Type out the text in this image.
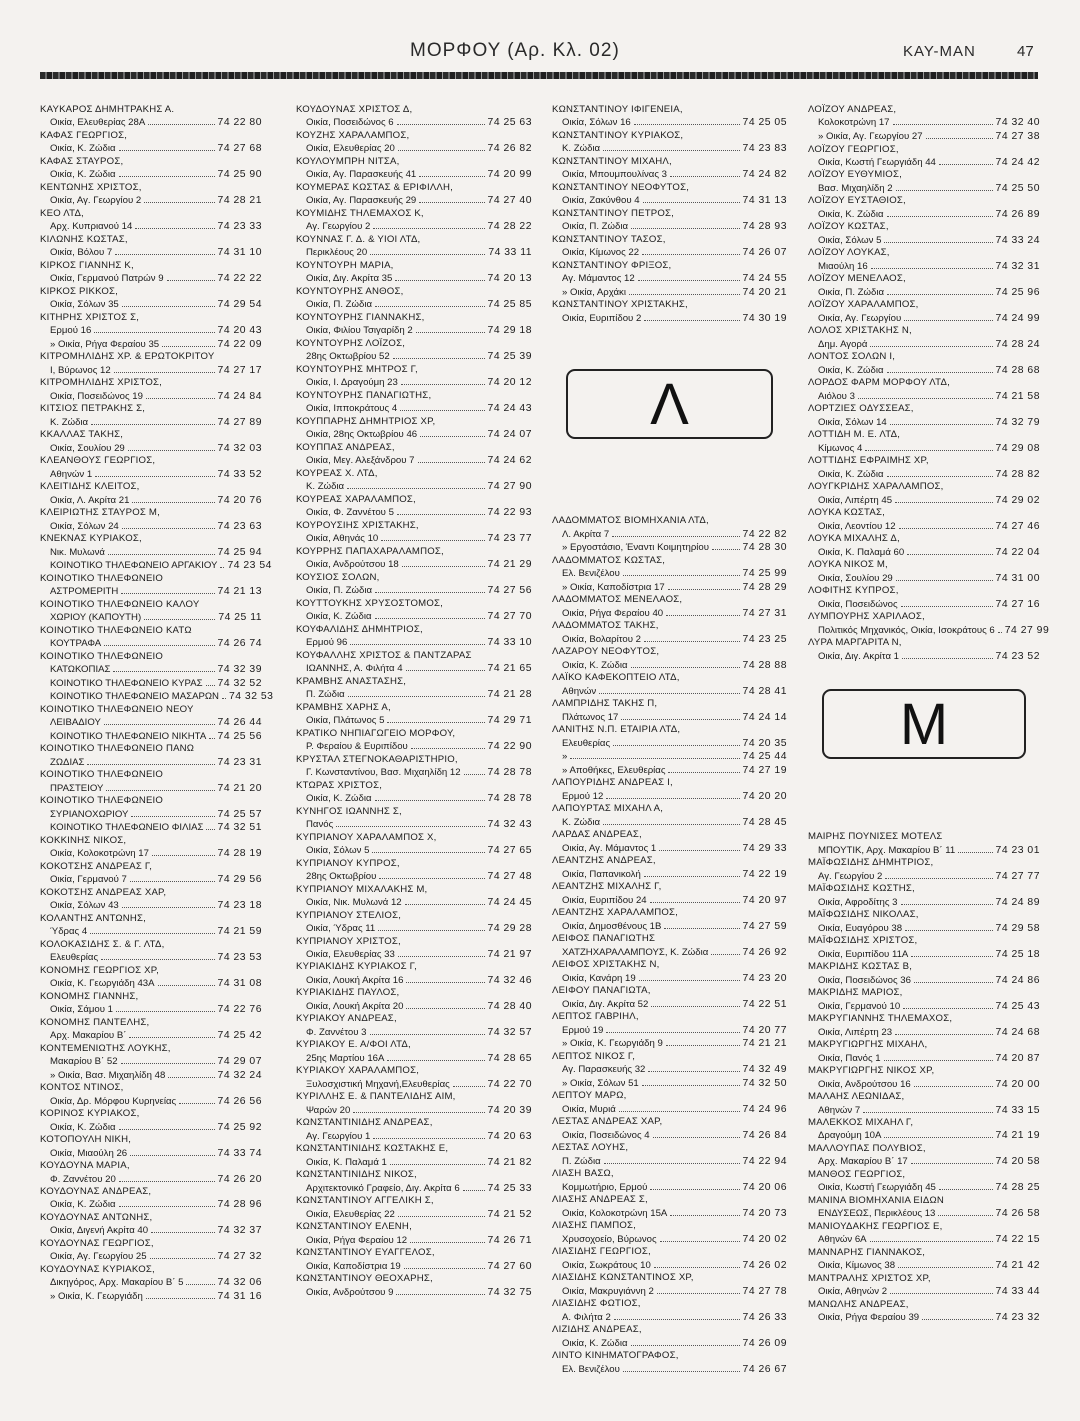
ΜΟΡΦΟΥ (Αρ. Κλ. 02)	ΚΑΥ-ΜΑΝ	47
ΚΑΥΚΑΡΟΣ ΔΗΜΗΤΡΑΚΗΣ Α.
Οικία, Ελευθερίας 28Α	74 22 80
ΚΑΦΑΣ ΓΕΩΡΓΙΟΣ,
Οικία, Κ. Ζώδια	74 27 68
ΚΑΦΑΣ ΣΤΑΥΡΟΣ,
Οικία, Κ. Ζώδια	74 25 90
ΚΕΝΤΩΝΗΣ ΧΡΙΣΤΟΣ,
Οικία, Αγ. Γεωργίου 2	74 28 21
ΚΕΟ ΛΤΔ,
Αρχ. Κυπριανού 14	74 23 33
ΚΙΛΩΝΗΣ ΚΩΣΤΑΣ,
Οικία, Βόλου 7	74 31 10
ΚΙΡΚΟΣ ΓΙΑΝΝΗΣ Κ,
Οικία, Γερμανού Πατρών 9	74 22 22
ΚΙΡΚΟΣ ΡΙΚΚΟΣ,
Οικία, Σόλων 35	74 29 54
ΚΙΤΗΡΗΣ ΧΡΙΣΤΟΣ Σ,
Ερμού 16	74 20 43
» Οικία, Ρήγα Φεραίου 35	74 22 09
ΚΙΤΡΟΜΗΛΙΔΗΣ ΧΡ. & ΕΡΩΤΟΚΡΙΤΟΥ
Ι, Βύρωνος 12	74 27 17
ΚΙΤΡΟΜΗΛΙΔΗΣ ΧΡΙΣΤΟΣ,
Οικία, Ποσειδώνος 19	74 24 84
ΚΙΤΣΙΟΣ ΠΕΤΡΑΚΗΣ Σ,
Κ. Ζώδια	74 27 89
ΚΚΑΛΛΑΣ ΤΑΚΗΣ,
Οικία, Σουλίου 29	74 32 03
ΚΛΕΑΝΘΟΥΣ ΓΕΩΡΓΙΟΣ,
Αθηνών 1	74 33 52
ΚΛΕΙΤΙΔΗΣ ΚΛΕΙΤΟΣ,
Οικία, Λ. Ακρίτα 21	74 20 76
ΚΛΕΙΡΙΩΤΗΣ ΣΤΑΥΡΟΣ Μ,
Οικία, Σόλων 24	74 23 63
ΚΝΕΚΝΑΣ ΚΥΡΙΑΚΟΣ,
Νικ. Μυλωνά	74 25 94
ΚΟΙΝΟΤΙΚΟ ΤΗΛΕΦΩΝΕΙΟ ΑΡΓΑΚΙΟΥ 74 23 54
ΚΟΙΝΟΤΙΚΟ ΤΗΛΕΦΩΝΕΙΟ
ΑΣΤΡΟΜΕΡΙΤΗ	74 21 13
ΚΟΙΝΟΤΙΚΟ ΤΗΛΕΦΩΝΕΙΟ ΚΑΛΟΥ
ΧΩΡΙΟΥ (ΚΑΠΟΥΤΗ)	74 25 11
ΚΟΙΝΟΤΙΚΟ ΤΗΛΕΦΩΝΕΙΟ ΚΑΤΩ
ΚΟΥΤΡΑΦΑ	74 26 74
ΚΟΙΝΟΤΙΚΟ ΤΗΛΕΦΩΝΕΙΟ
ΚΑΤΩΚΟΠΙΑΣ	74 32 39
ΚΟΙΝΟΤΙΚΟ ΤΗΛΕΦΩΝΕΙΟ ΚΥΡΑΣ 74 32 52
ΚΟΙΝΟΤΙΚΟ ΤΗΛΕΦΩΝΕΙΟ ΜΑΣΑΡΩΝ 74 32 53
ΚΟΙΝΟΤΙΚΟ ΤΗΛΕΦΩΝΕΙΟ ΝΕΟΥ
ΛΕΙΒΑΔΙΟΥ	74 26 44
ΚΟΙΝΟΤΙΚΟ ΤΗΛΕΦΩΝΕΙΟ ΝΙΚΗΤΑ 74 25 56
ΚΟΙΝΟΤΙΚΟ ΤΗΛΕΦΩΝΕΙΟ ΠΑΝΩ
ΖΩΔΙΑΣ	74 23 31
ΚΟΙΝΟΤΙΚΟ ΤΗΛΕΦΩΝΕΙΟ
ΠΡΑΣΤΕΙΟΥ	74 21 20
ΚΟΙΝΟΤΙΚΟ ΤΗΛΕΦΩΝΕΙΟ
ΣΥΡΙΑΝΟΧΩΡΙΟΥ	74 25 57
ΚΟΙΝΟΤΙΚΟ ΤΗΛΕΦΩΝΕΙΟ ΦΙΛΙΑΣ 74 32 51
ΚΟΚΚΙΝΗΣ ΝΙΚΟΣ,
Οικία, Κολοκοτρώνη 17	74 28 19
ΚΟΚΟΤΣΗΣ ΑΝΔΡΕΑΣ Γ,
Οικία, Γερμανού 7	74 29 56
ΚΟΚΟΤΣΗΣ ΑΝΔΡΕΑΣ ΧΑΡ,
Οικία, Σόλων 43	74 23 18
ΚΟΛΑΝΤΗΣ ΑΝΤΩΝΗΣ,
Ύδρας 4	74 21 59
ΚΟΛΟΚΑΣΙΔΗΣ Σ. & Γ. ΛΤΔ,
Ελευθερίας	74 23 53
ΚΟΝΟΜΗΣ ΓΕΩΡΓΙΟΣ ΧΡ,
Οικία, Κ. Γεωργιάδη 43Α	74 31 08
ΚΟΝΟΜΗΣ ΓΙΑΝΝΗΣ,
Οικία, Σάμου 1	74 22 76
ΚΟΝΟΜΗΣ ΠΑΝΤΕΛΗΣ,
Αρχ. Μακαρίου Β΄	74 25 42
ΚΟΝΤΕΜΕΝΙΩΤΗΣ ΛΟΥΚΗΣ,
Μακαρίου Β΄ 52	74 29 07
» Οικία, Βασ. Μιχαηλίδη 48	74 32 24
ΚΟΝΤΟΣ ΝΤΙΝΟΣ,
Οικία, Δρ. Μόρφου Κυρηνείας	74 26 56
ΚΟΡΙΝΟΣ ΚΥΡΙΑΚΟΣ,
Οικία, Κ. Ζώδια	74 25 92
ΚΟΤΟΠΟΥΛΗ ΝΙΚΗ,
Οικία, Μιαούλη 26	74 33 74
ΚΟΥΔΟΥΝΑ ΜΑΡΙΑ,
Φ. Ζαννέτου 20	74 26 20
ΚΟΥΔΟΥΝΑΣ ΑΝΔΡΕΑΣ,
Οικία, Κ. Ζώδια	74 28 96
ΚΟΥΔΟΥΝΑΣ ΑΝΤΩΝΗΣ,
Οικία, Διγενή Ακρίτα 40	74 32 37
ΚΟΥΔΟΥΝΑΣ ΓΕΩΡΓΙΟΣ,
Οικία, Αγ. Γεωργίου 25	74 27 32
ΚΟΥΔΟΥΝΑΣ ΚΥΡΙΑΚΟΣ,
Δικηγόρος, Αρχ. Μακαρίου Β΄ 5	74 32 06
» Οικία, Κ. Γεωργιάδη	74 31 16
ΚΟΥΔΟΥΝΑΣ ΧΡΙΣΤΟΣ Δ,
Οικία, Ποσειδώνος 6	74 25 63
ΚΟΥΖΗΣ ΧΑΡΑΛΑΜΠΟΣ,
Οικία, Ελευθερίας 20	74 26 82
ΚΟΥΛΟΥΜΠΡΗ ΝΙΤΣΑ,
Οικία, Αγ. Παρασκευής 41	74 20 99
ΚΟΥΜΕΡΑΣ ΚΩΣΤΑΣ & ΕΡΙΦΙΛΛΗ,
Οικία, Αγ. Παρασκευής 29	74 27 40
ΚΟΥΜΙΔΗΣ ΤΗΛΕΜΑΧΟΣ Κ,
Αγ. Γεωργίου 2	74 28 22
ΚΟΥΝΝΑΣ Γ. Δ. & ΥΙΟΙ ΛΤΔ,
Περικλέους 20	74 33 11
ΚΟΥΝΤΟΥΡΗ ΜΑΡΙΑ,
Οικία, Διγ. Ακρίτα 35	74 20 13
ΚΟΥΝΤΟΥΡΗΣ ΑΝΘΟΣ,
Οικία, Π. Ζώδια	74 25 85
ΚΟΥΝΤΟΥΡΗΣ ΓΙΑΝΝΑΚΗΣ,
Οικία, Φιλίου Τσιγαρίδη 2	74 29 18
ΚΟΥΝΤΟΥΡΗΣ ΛΟΪΖΟΣ,
28ης Οκτωβρίου 52	74 25 39
ΚΟΥΝΤΟΥΡΗΣ ΜΗΤΡΟΣ Γ,
Οικία, Ι. Δραγούμη 23	74 20 12
ΚΟΥΝΤΟΥΡΗΣ ΠΑΝΑΓΙΩΤΗΣ,
Οικία, Ιπποκράτους 4	74 24 43
ΚΟΥΠΠΑΡΗΣ ΔΗΜΗΤΡΙΟΣ ΧΡ,
Οικία, 28ης Οκτωβρίου 46	74 24 07
ΚΟΥΠΠΑΣ ΑΝΔΡΕΑΣ,
Οικία, Μεγ. Αλεξάνδρου 7	74 24 62
ΚΟΥΡΕΑΣ Χ. ΛΤΔ,
Κ. Ζώδια	74 27 90
ΚΟΥΡΕΑΣ ΧΑΡΑΛΑΜΠΟΣ,
Οικία, Φ. Ζαννέτου 5	74 22 93
ΚΟΥΡΟΥΣΙΗΣ ΧΡΙΣΤΑΚΗΣ,
Οικία, Αθηνάς 10	74 23 77
ΚΟΥΡΡΗΣ ΠΑΠΑΧΑΡΑΛΑΜΠΟΣ,
Οικία, Ανδρούτσου 18	74 21 29
ΚΟΥΣΙΟΣ ΣΟΛΩΝ,
Οικία, Π. Ζώδια	74 27 56
ΚΟΥΤΤΟΥΚΗΣ ΧΡΥΣΟΣΤΟΜΟΣ,
Οικία, Κ. Ζώδια	74 27 70
ΚΟΥΦΑΛΙΔΗΣ ΔΗΜΗΤΡΙΟΣ,
Ερμού 96	74 33 10
ΚΟΥΦΑΛΛΗΣ ΧΡΙΣΤΟΣ & ΠΑΝΤΖΑΡΑΣ
ΙΩΑΝΝΗΣ, Α. Φιλήτα 4	74 21 65
ΚΡΑΜΒΗΣ ΑΝΑΣΤΑΣΗΣ,
Π. Ζώδια	74 21 28
ΚΡΑΜΒΗΣ ΧΑΡΗΣ Α,
Οικία, Πλάτωνος 5	74 29 71
ΚΡΑΤΙΚΟ ΝΗΠΙΑΓΩΓΕΙΟ ΜΟΡΦΟΥ,
Ρ. Φεραίου & Ευριπίδου	74 22 90
ΚΡΥΣΤΑΛ ΣΤΕΓΝΟΚΑΘΑΡΙΣΤΗΡΙΟ,
Γ. Κωνσταντίνου, Βασ. Μιχαηλίδη 12	74 28 78
ΚΤΩΡΑΣ ΧΡΙΣΤΟΣ,
Οικία, Κ. Ζώδια	74 28 78
ΚΥΝΗΓΟΣ ΙΩΑΝΝΗΣ Σ,
Πανός	74 32 43
ΚΥΠΡΙΑΝΟΥ ΧΑΡΑΛΑΜΠΟΣ Χ,
Οικία, Σόλων 5	74 27 65
ΚΥΠΡΙΑΝΟΥ ΚΥΠΡΟΣ,
28ης Οκτωβρίου	74 27 48
ΚΥΠΡΙΑΝΟΥ ΜΙΧΑΛΑΚΗΣ Μ,
Οικία, Νικ. Μυλωνά 12	74 24 45
ΚΥΠΡΙΑΝΟΥ ΣΤΕΛΙΟΣ,
Οικία, Ύδρας 11	74 29 28
ΚΥΠΡΙΑΝΟΥ ΧΡΙΣΤΟΣ,
Οικία, Ελευθερίας 33	74 21 97
ΚΥΡΙΑΚΙΔΗΣ ΚΥΡΙΑΚΟΣ Γ,
Οικία, Λουκή Ακρίτα 16	74 32 46
ΚΥΡΙΑΚΙΔΗΣ ΠΑΥΛΟΣ,
Οικία, Λουκή Ακρίτα 20	74 28 40
ΚΥΡΙΑΚΟΥ ΑΝΔΡΕΑΣ,
Φ. Ζαννέτου 3	74 32 57
ΚΥΡΙΑΚΟΥ Ε. Α/ΦΟΙ ΛΤΔ,
25ης Μαρτίου 16Α	74 28 65
ΚΥΡΙΑΚΟΥ ΧΑΡΑΛΑΜΠΟΣ,
Ξυλοσχιστική Μηχανή,Ελευθερίας	74 22 70
ΚΥΡΙΛΛΗΣ Ε. & ΠΑΝΤΕΛΙΔΗΣ ΑΙΜ,
Ψαρών 20	74 20 39
ΚΩΝΣΤΑΝΤΙΝΙΔΗΣ ΑΝΔΡΕΑΣ,
Αγ. Γεωργίου 1	74 20 63
ΚΩΝΣΤΑΝΤΙΝΙΔΗΣ ΚΩΣΤΑΚΗΣ Ε,
Οικία, Κ. Παλαμά 1	74 21 82
ΚΩΝΣΤΑΝΤΙΝΙΔΗΣ ΝΙΚΟΣ,
Αρχιτεκτονικό Γραφείο, Διγ. Ακρίτα 6	74 25 33
ΚΩΝΣΤΑΝΤΙΝΟΥ ΑΓΓΕΛΙΚΗ Σ,
Οικία, Ελευθερίας 22	74 21 52
ΚΩΝΣΤΑΝΤΙΝΟΥ ΕΛΕΝΗ,
Οικία, Ρήγα Φεραίου 12	74 26 71
ΚΩΝΣΤΑΝΤΙΝΟΥ ΕΥΑΓΓΕΛΟΣ,
Οικία, Καποδίστρια 19	74 27 60
ΚΩΝΣΤΑΝΤΙΝΟΥ ΘΕΟΧΑΡΗΣ,
Οικία, Ανδρούτσου 9	74 32 75
ΚΩΝΣΤΑΝΤΙΝΟΥ ΙΦΙΓΕΝΕΙΑ,
Οικία, Σόλων 16	74 25 05
ΚΩΝΣΤΑΝΤΙΝΟΥ ΚΥΡΙΑΚΟΣ,
Κ. Ζώδια	74 23 83
ΚΩΝΣΤΑΝΤΙΝΟΥ ΜΙΧΑΗΛ,
Οικία, Μπουμπουλίνας 3	74 24 82
ΚΩΝΣΤΑΝΤΙΝΟΥ ΝΕΟΦΥΤΟΣ,
Οικία, Ζακύνθου 4	74 31 13
ΚΩΝΣΤΑΝΤΙΝΟΥ ΠΕΤΡΟΣ,
Οικία, Π. Ζώδια	74 28 93
ΚΩΝΣΤΑΝΤΙΝΟΥ ΤΑΣΟΣ,
Οικία, Κίμωνος 22	74 26 07
ΚΩΝΣΤΑΝΤΙΝΟΥ ΦΡΙΞΟΣ,
Αγ. Μάμαντος 12	74 24 55
» Οικία, Αρχάκι	74 20 21
ΚΩΝΣΤΑΝΤΙΝΟΥ ΧΡΙΣΤΑΚΗΣ,
Οικία, Ευριπίδου 2	74 30 19
Λ
ΛΑΔΟΜΜΑΤΟΣ ΒΙΟΜΗΧΑΝΙΑ ΛΤΔ,
Λ. Ακρίτα 7	74 22 82
» Εργοστάσιο, Έναντι Κοιμητηρίου	74 28 30
ΛΑΔΟΜΜΑΤΟΣ ΚΩΣΤΑΣ,
Ελ. Βενιζέλου	74 25 99
» Οικία, Καποδίστρια 17	74 28 29
ΛΑΔΟΜΜΑΤΟΣ ΜΕΝΕΛΑΟΣ,
Οικία, Ρήγα Φεραίου 40	74 27 31
ΛΑΔΟΜΜΑΤΟΣ ΤΑΚΗΣ,
Οικία, Βολαρίτου 2	74 23 25
ΛΑΖΑΡΟΥ ΝΕΟΦΥΤΟΣ,
Οικία, Κ. Ζώδια	74 28 88
ΛΑΪΚΟ ΚΑΦΕΚΟΠΤΕΙΟ ΛΤΔ,
Αθηνών	74 28 41
ΛΑΜΠΡΙΔΗΣ ΤΑΚΗΣ Π,
Πλάτωνος 17	74 24 14
ΛΑΝΙΤΗΣ Ν.Π. ΕΤΑΙΡΙΑ ΛΤΔ,
Ελευθερίας	74 20 35
»	74 25 44
» Αποθήκες, Ελευθερίας	74 27 19
ΛΑΠΟΥΡΙΔΗΣ ΑΝΔΡΕΑΣ Ι,
Ερμού 12	74 20 20
ΛΑΠΟΥΡΤΑΣ ΜΙΧΑΗΛ Α,
Κ. Ζώδια	74 28 45
ΛΑΡΔΑΣ ΑΝΔΡΕΑΣ,
Οικία, Αγ. Μάμαντος 1	74 29 33
ΛΕΑΝΤΖΗΣ ΑΝΔΡΕΑΣ,
Οικία, Παπανικολή	74 22 19
ΛΕΑΝΤΖΗΣ ΜΙΧΑΛΗΣ Γ,
Οικία, Ευριπίδου 24	74 20 97
ΛΕΑΝΤΖΗΣ ΧΑΡΑΛΑΜΠΟΣ,
Οικία, Δημοσθένους 1Β	74 27 59
ΛΕΙΦΟΣ ΠΑΝΑΓΙΩΤΗΣ
ΧΑΤΖΗΧΑΡΑΛΑΜΠΟΥΣ, Κ. Ζώδια	74 26 92
ΛΕΙΦΟΣ ΧΡΙΣΤΑΚΗΣ Ν,
Οικία, Κανάρη 19	74 23 20
ΛΕΙΦΟΥ ΠΑΝΑΓΙΩΤΑ,
Οικία, Διγ. Ακρίτα 52	74 22 51
ΛΕΠΤΟΣ ΓΑΒΡΙΗΛ,
Ερμού 19	74 20 77
» Οικία, Κ. Γεωργιάδη 9	74 21 21
ΛΕΠΤΟΣ ΝΙΚΟΣ Γ,
Αγ. Παρασκευής 32	74 32 49
» Οικία, Σόλων 51	74 32 50
ΛΕΠΤΟΥ ΜΑΡΩ,
Οικία, Μυριά	74 24 96
ΛΕΣΤΑΣ ΑΝΔΡΕΑΣ ΧΑΡ,
Οικία, Ποσειδώνος 4	74 26 84
ΛΕΣΤΑΣ ΛΟΥΗΣ,
Π. Ζώδια	74 22 94
ΛΙΑΣΗ ΒΑΣΩ,
Κομμωτήριο, Ερμού	74 20 06
ΛΙΑΣΗΣ ΑΝΔΡΕΑΣ Σ,
Οικία, Κολοκοτρώνη 15Α	74 20 73
ΛΙΑΣΗΣ ΠΑΜΠΟΣ,
Χρυσοχοείο, Βύρωνος	74 20 02
ΛΙΑΣΙΔΗΣ ΓΕΩΡΓΙΟΣ,
Οικία, Σωκράτους 10	74 26 02
ΛΙΑΣΙΔΗΣ ΚΩΝΣΤΑΝΤΙΝΟΣ ΧΡ,
Οικία, Μακρυγιάννη 2	74 27 78
ΛΙΑΣΙΔΗΣ ΦΩΤΙΟΣ,
Α. Φιλήτα 2	74 26 33
ΛΙΖΙΔΗΣ ΑΝΔΡΕΑΣ,
Οικία, Κ. Ζώδια	74 26 09
ΛΙΝΤΟ ΚΙΝΗΜΑΤΟΓΡΑΦΟΣ,
Ελ. Βενιζέλου	74 26 67
ΛΟΪΖΟΥ ΑΝΔΡΕΑΣ,
Κολοκοτρώνη 17	74 32 40
» Οικία, Αγ. Γεωργίου 27	74 27 38
ΛΟΪΖΟΥ ΓΕΩΡΓΙΟΣ,
Οικία, Κωστή Γεωργιάδη 44	74 24 42
ΛΟΪΖΟΥ ΕΥΘΥΜΙΟΣ,
Βασ. Μιχαηλίδη 2	74 25 50
ΛΟΪΖΟΥ ΕΥΣΤΑΘΙΟΣ,
Οικία, Κ. Ζώδια	74 26 89
ΛΟΪΖΟΥ ΚΩΣΤΑΣ,
Οικία, Σόλων 5	74 33 24
ΛΟΪΖΟΥ ΛΟΥΚΑΣ,
Μιαούλη 16	74 32 31
ΛΟΪΖΟΥ ΜΕΝΕΛΑΟΣ,
Οικία, Π. Ζώδια	74 25 96
ΛΟΪΖΟΥ ΧΑΡΑΛΑΜΠΟΣ,
Οικία, Αγ. Γεωργίου	74 24 99
ΛΟΛΟΣ ΧΡΙΣΤΑΚΗΣ Ν,
Δημ. Αγορά	74 28 24
ΛΟΝΤΟΣ ΣΟΛΩΝ Ι,
Οικία, Κ. Ζώδια	74 28 68
ΛΟΡΔΟΣ ΦΑΡΜ ΜΟΡΦΟΥ ΛΤΔ,
Αιόλου 3	74 21 58
ΛΟΡΤΖΙΕΣ ΟΔΥΣΣΕΑΣ,
Οικία, Σόλων 14	74 32 79
ΛΟΤΤΙΔΗ Μ. Ε. ΛΤΔ,
Κίμωνος 4	74 29 08
ΛΟΤΤΙΔΗΣ ΕΦΡΑΙΜΗΣ ΧΡ,
Οικία, Κ. Ζώδια	74 28 82
ΛΟΥΓΚΡΙΔΗΣ ΧΑΡΑΛΑΜΠΟΣ,
Οικία, Λιπέρτη 45	74 29 02
ΛΟΥΚΑ ΚΩΣΤΑΣ,
Οικία, Λεοντίου 12	74 27 46
ΛΟΥΚΑ ΜΙΧΑΛΗΣ Δ,
Οικία, Κ. Παλαμά 60	74 22 04
ΛΟΥΚΑ ΝΙΚΟΣ Μ,
Οικία, Σουλίου 29	74 31 00
ΛΟΦΙΤΗΣ ΚΥΠΡΟΣ,
Οικία, Ποσειδώνος	74 27 16
ΛΥΜΠΟΥΡΗΣ ΧΑΡΙΛΑΟΣ,
Πολιτικός Μηχανικός, Οικία, Ισοκράτους 6 74 27 99
ΛΥΡΑ ΜΑΡΓΑΡΙΤΑ Ν,
Οικία, Διγ. Ακρίτα 1	74 23 52
Μ
ΜΑΙΡΗΣ ΠΟΥΝΙΣΕΣ ΜΟΤΕΛΣ
ΜΠΟΥΤΙΚ, Αρχ. Μακαρίου Β΄ 11	74 23 01
ΜΑΪΦΩΣΙΔΗΣ ΔΗΜΗΤΡΙΟΣ,
Αγ. Γεωργίου 2	74 27 77
ΜΑΪΦΩΣΙΔΗΣ ΚΩΣΤΗΣ,
Οικία, Αφροδίτης 3	74 24 89
ΜΑΪΦΩΣΙΔΗΣ ΝΙΚΟΛΑΣ,
Οικία, Ευαγόρου 38	74 29 58
ΜΑΪΦΩΣΙΔΗΣ ΧΡΙΣΤΟΣ,
Οικία, Ευριπίδου 11Α	74 25 18
ΜΑΚΡΙΔΗΣ ΚΩΣΤΑΣ Β,
Οικία, Ποσειδώνος 36	74 24 86
ΜΑΚΡΙΔΗΣ ΜΑΡΙΟΣ,
Οικία, Γερμανού 10	74 25 43
ΜΑΚΡΥΓΙΑΝΝΗΣ ΤΗΛΕΜΑΧΟΣ,
Οικία, Λιπέρτη 23	74 24 68
ΜΑΚΡΥΓΙΩΡΓΗΣ ΜΙΧΑΗΛ,
Οικία, Πανός 1	74 20 87
ΜΑΚΡΥΓΙΩΡΓΗΣ ΝΙΚΟΣ ΧΡ,
Οικία, Ανδρούτσου 16	74 20 00
ΜΑΛΑΗΣ ΛΕΩΝΙΔΑΣ,
Αθηνών 7	74 33 15
ΜΑΛΕΚΚΟΣ ΜΙΧΑΗΛ Γ,
Δραγούμη 10Α	74 21 19
ΜΑΛΛΟΥΠΑΣ ΠΟΛΥΒΙΟΣ,
Αρχ. Μακαρίου Β΄ 17	74 20 58
ΜΑΝΘΟΣ ΓΕΩΡΓΙΟΣ,
Οικία, Κωστή Γεωργιάδη 45	74 28 25
ΜΑΝΙΝΑ ΒΙΟΜΗΧΑΝΙΑ ΕΙΔΩΝ
ΕΝΔΥΣΕΩΣ, Περικλέους 13	74 26 58
ΜΑΝΙΟΥΔΑΚΗΣ ΓΕΩΡΓΙΟΣ Ε,
Αθηνών 6Α	74 22 15
ΜΑΝΝΑΡΗΣ ΓΙΑΝΝΑΚΟΣ,
Οικία, Κίμωνος 38	74 21 42
ΜΑΝΤΡΑΛΗΣ ΧΡΙΣΤΟΣ ΧΡ,
Οικία, Αθηνών 2	74 33 44
ΜΑΝΩΛΗΣ ΑΝΔΡΕΑΣ,
Οικία, Ρήγα Φεραίου 39	74 23 32
